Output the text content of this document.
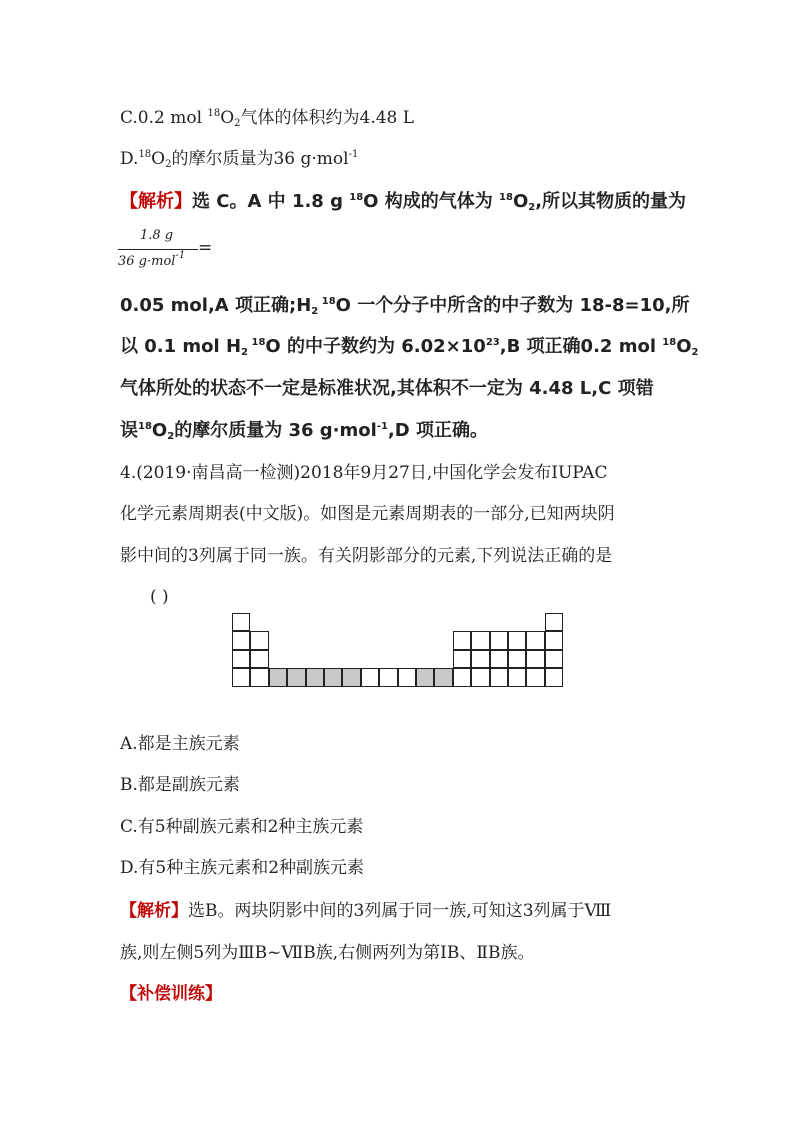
C.0.2 mol $^{18}O_2$气体的体积约为4.48 L
$D.^{18}O_2$的摩尔质量为36 g·mol$^{-1}$
【解析】选 C。A 中 1.8 g $^{18}$O 构成的气体为 $^{18}O_2$,所以其物质的量为
1.8 g
36 g·mol$^{-1}$ =
0.05 mol,A 项正确$;H_2$ $^{18}$O 一个分子中所含的中子数为 18-8=10,所
以 0.1 mol $H_2$ $^{18}$O 的中子数约为 $6.02\times 10^{23},B$ 项正确0.2 mol $^{18}O_2$
气体所处的状态不一定是标准状况,其体积不一定为 4.48 L,C 项错
误$^{18}O_2$的摩尔质量为 36 g·mol$^{-1}$,D 项正确。
4.(2019·南昌高一检测)2018年9月27日,中国化学会发布IUPAC
化学元素周期表(中文版)。如图是元素周期表的一部分,已知两块阴
影中间的3列属于同一族。有关阴影部分的元素,下列说法正确的是
( )
A.都是主族元素
B.都是副族元素
C.有5种副族元素和2种主族元素
D.有5种主族元素和2种副族元素
【解析】选B。两块阴影中间的3列属于同一族,可知这3列属于Ⅷ
族,则左侧5列为ⅢB~ⅦB族,右侧两列为第ⅠB、ⅡB族。
【补偿训练】
